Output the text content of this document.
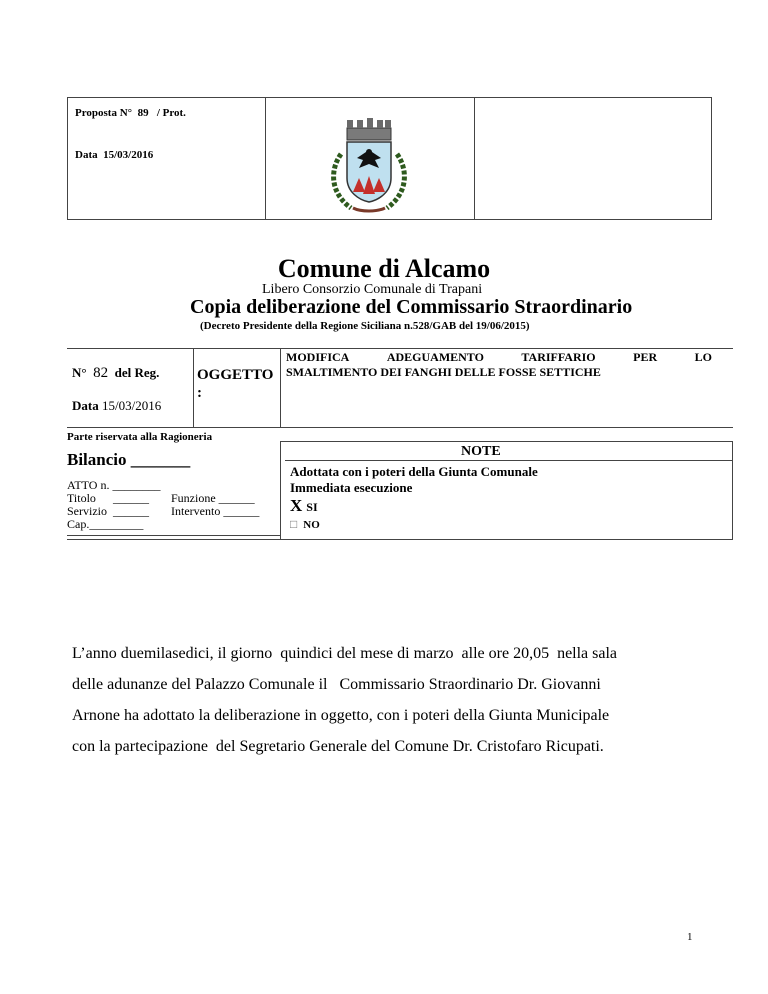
Proposta N° 89 / Prot.
Data 15/03/2016
Comune di Alcamo
Libero Consorzio Comunale di Trapani
Copia deliberazione del Commissario Straordinario
(Decreto Presidente della Regione Siciliana n.528/GAB del 19/06/2015)
N° 82 del Reg.
Data 15/03/2016
OGGETTO
:
MODIFICA	ADEGUAMENTO	TARIFFARIO	PER	LO
SMALTIMENTO DEI FANGHI DELLE FOSSE SETTICHE
Parte riservata alla Ragioneria
Bilancio _______
ATTO n. ________
Titolo ______ Funzione ______
Servizio ______ Intervento ______
Cap._________
NOTE
Adottata con i poteri della Giunta Comunale
Immediata esecuzione
X SI
□ NO
L’anno duemilasedici, il giorno  quindici del mese di marzo  alle ore 20,05  nella sala
delle adunanze del Palazzo Comunale il   Commissario Straordinario Dr. Giovanni
Arnone ha adottato la deliberazione in oggetto, con i poteri della Giunta Municipale
con la partecipazione  del Segretario Generale del Comune Dr. Cristofaro Ricupati.
1
